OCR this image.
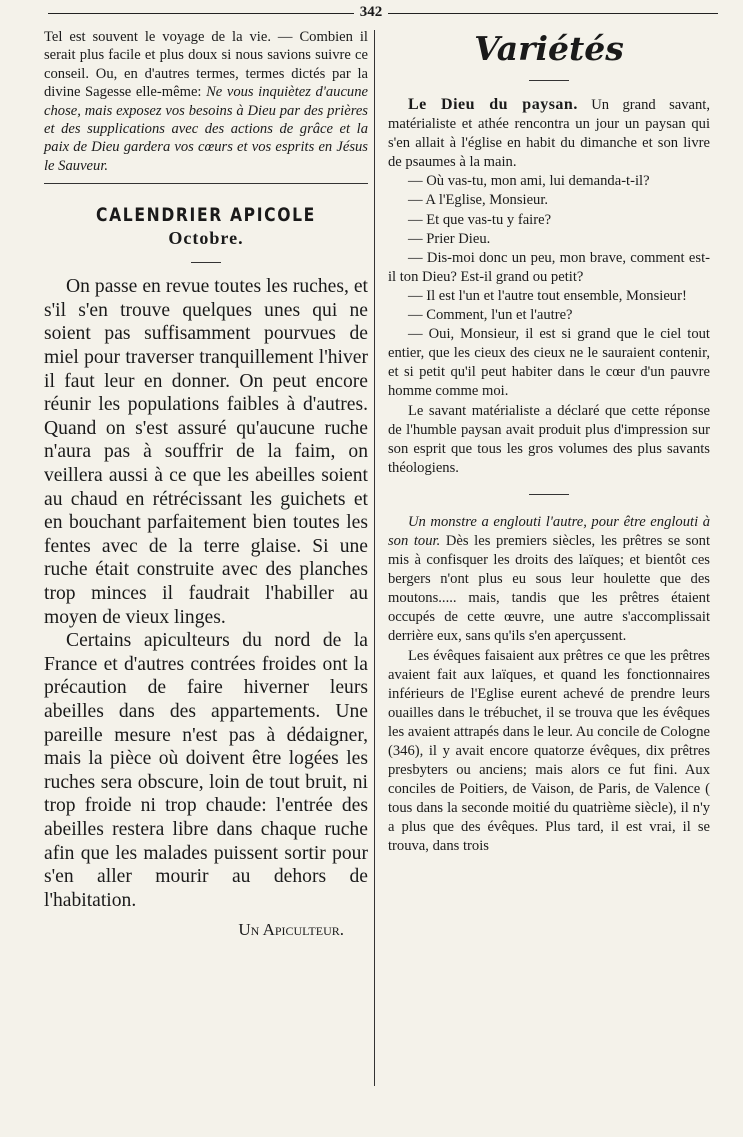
342

Tel est souvent le voyage de la vie. — Combien il serait plus facile et plus doux si nous savions suivre ce conseil. Ou, en d'autres termes, termes dictés par la divine Sagesse elle-même: Ne vous inquiètez d'aucune chose, mais exposez vos besoins à Dieu par des prières et des supplications avec des actions de grâce et la paix de Dieu gardera vos cœurs et vos esprits en Jésus le Sauveur.

CALENDRIER APICOLE
Octobre.

On passe en revue toutes les ruches, et s'il s'en trouve quelques unes qui ne soient pas suffisamment pourvues de miel pour traverser tranquillement l'hiver il faut leur en donner. On peut encore réunir les populations faibles à d'autres. Quand on s'est assuré qu'aucune ruche n'aura pas à souffrir de la faim, on veillera aussi à ce que les abeilles soient au chaud en rétrécissant les guichets et en bouchant parfaitement bien toutes les fentes avec de la terre glaise. Si une ruche était construite avec des planches trop minces il faudrait l'habiller au moyen de vieux linges.

Certains apiculteurs du nord de la France et d'autres contrées froides ont la précaution de faire hiverner leurs abeilles dans des appartements. Une pareille mesure n'est pas à dédaigner, mais la pièce où doivent être logées les ruches sera obscure, loin de tout bruit, ni trop froide ni trop chaude: l'entrée des abeilles restera libre dans chaque ruche afin que les malades puissent sortir pour s'en aller mourir au dehors de l'habitation.

Un Apiculteur.
Variétés

Le Dieu du paysan. Un grand savant, matérialiste et athée rencontra un jour un paysan qui s'en allait à l'église en habit du dimanche et son livre de psaumes à la main.

— Où vas-tu, mon ami, lui demanda-t-il?

— A l'Eglise, Monsieur.

— Et que vas-tu y faire?

— Prier Dieu.

— Dis-moi donc un peu, mon brave, comment est-il ton Dieu? Est-il grand ou petit?

— Il est l'un et l'autre tout ensemble, Monsieur!

— Comment, l'un et l'autre?

— Oui, Monsieur, il est si grand que le ciel tout entier, que les cieux des cieux ne le sauraient contenir, et si petit qu'il peut habiter dans le cœur d'un pauvre homme comme moi.

Le savant matérialiste a déclaré que cette réponse de l'humble paysan avait produit plus d'impression sur son esprit que tous les gros volumes des plus savants théologiens.

Un monstre a englouti l'autre, pour être englouti à son tour. Dès les premiers siècles, les prêtres se sont mis à confisquer les droits des laïques; et bientôt ces bergers n'ont plus eu sous leur houlette que des moutons..... mais, tandis que les prêtres étaient occupés de cette œuvre, une autre s'accomplissait derrière eux, sans qu'ils s'en aperçussent.

Les évêques faisaient aux prêtres ce que les prêtres avaient fait aux laïques, et quand les fonctionnaires inférieurs de l'Eglise eurent achevé de prendre leurs ouailles dans le trébuchet, il se trouva que les évêques les avaient attrapés dans le leur. Au concile de Cologne (346), il y avait encore quatorze évêques, dix prêtres presbyters ou anciens; mais alors ce fut fini. Aux conciles de Poitiers, de Vaison, de Paris, de Valence ( tous dans la seconde moitié du quatrième siècle), il n'y a plus que des évêques. Plus tard, il est vrai, il se trouva, dans trois
